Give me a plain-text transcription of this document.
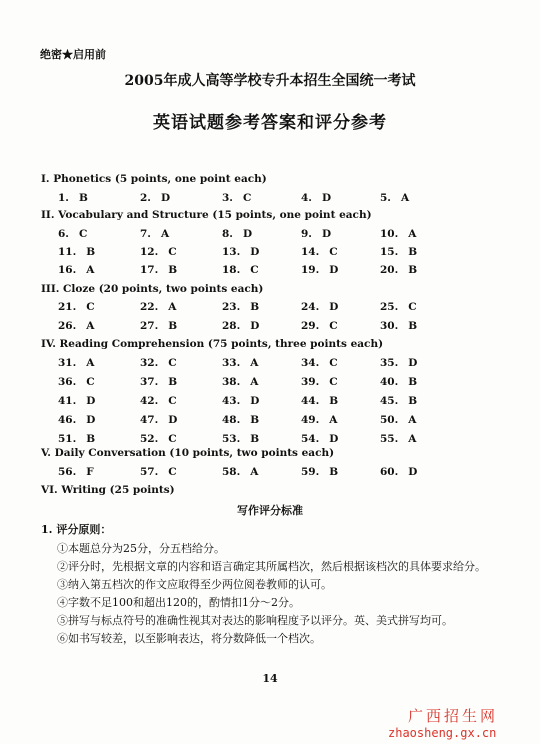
绝密★启用前
2005年成人高等学校专升本招生全国统一考试
英语试题参考答案和评分参考
I. Phonetics (5 points, one point each)
1. B	2. D	3. C	4. D	5. A
II. Vocabulary and Structure (15 points, one point each)
6. C	7. A	8. D	9. D	10. A
11. B	12. C	13. D	14. C	15. B
16. A	17. B	18. C	19. D	20. B
III. Cloze (20 points, two points each)
21. C	22. A	23. B	24. D	25. C
26. A	27. B	28. D	29. C	30. B
IV. Reading Comprehension (75 points, three points each)
31. A	32. C	33. A	34. C	35. D
36. C	37. B	38. A	39. C	40. B
41. D	42. C	43. D	44. B	45. B
46. D	47. D	48. B	49. A	50. A
51. B	52. C	53. B	54. D	55. A
V. Daily Conversation (10 points, two points each)
56. F	57. C	58. A	59. B	60. D
VI. Writing (25 points)
写作评分标准
1. 评分原则：
①本题总分为25分，分五档给分。
②评分时，先根据文章的内容和语言确定其所属档次，然后根据该档次的具体要求给分。
③纳入第五档次的作文应取得至少两位阅卷教师的认可。
④字数不足100和超出120的，酌情扣1分～2分。
⑤拼写与标点符号的准确性视其对表达的影响程度予以评分。英、美式拼写均可。
⑥如书写较差，以至影响表达，将分数降低一个档次。
14
广西招生网
zhaosheng.gx.cn
